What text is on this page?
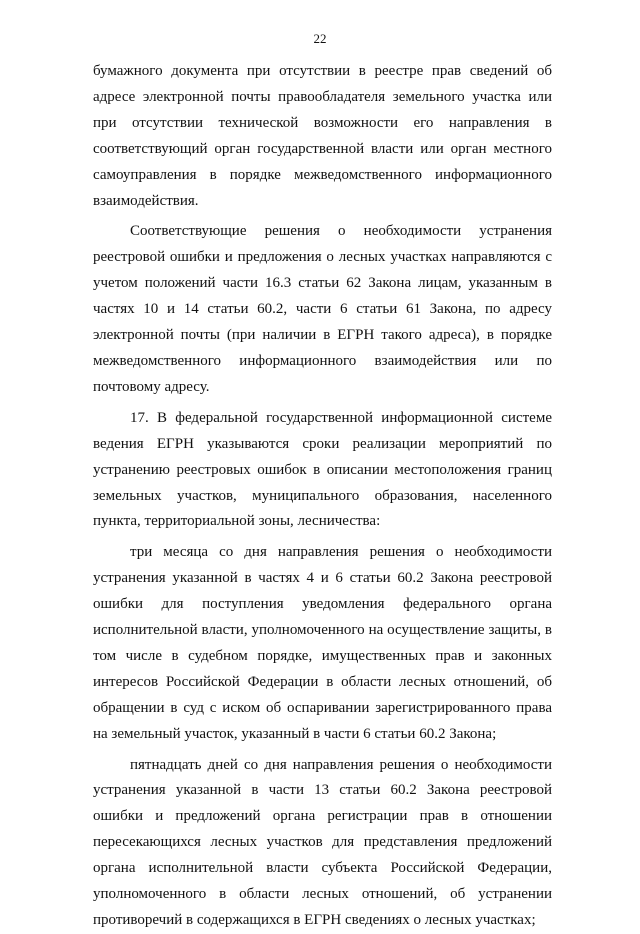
22

бумажного документа при отсутствии в реестре прав сведений об адресе электронной почты правообладателя земельного участка или при отсутствии технической возможности его направления в соответствующий орган государственной власти или орган местного самоуправления в порядке межведомственного информационного взаимодействия.

Соответствующие решения о необходимости устранения реестровой ошибки и предложения о лесных участках направляются с учетом положений части 16.3 статьи 62 Закона лицам, указанным в частях 10 и 14 статьи 60.2, части 6 статьи 61 Закона, по адресу электронной почты (при наличии в ЕГРН такого адреса), в порядке межведомственного информационного взаимодействия или по почтовому адресу.

17. В федеральной государственной информационной системе ведения ЕГРН указываются сроки реализации мероприятий по устранению реестровых ошибок в описании местоположения границ земельных участков, муниципального образования, населенного пункта, территориальной зоны, лесничества:

три месяца со дня направления решения о необходимости устранения указанной в частях 4 и 6 статьи 60.2 Закона реестровой ошибки для поступления уведомления федерального органа исполнительной власти, уполномоченного на осуществление защиты, в том числе в судебном порядке, имущественных прав и законных интересов Российской Федерации в области лесных отношений, об обращении в суд с иском об оспаривании зарегистрированного права на земельный участок, указанный в части 6 статьи 60.2 Закона;

пятнадцать дней со дня направления решения о необходимости устранения указанной в части 13 статьи 60.2 Закона реестровой ошибки и предложений органа регистрации прав в отношении пересекающихся лесных участков для представления предложений органа исполнительной власти субъекта Российской Федерации, уполномоченного в области лесных отношений, об устранении противоречий в содержащихся в ЕГРН сведениях о лесных участках;
